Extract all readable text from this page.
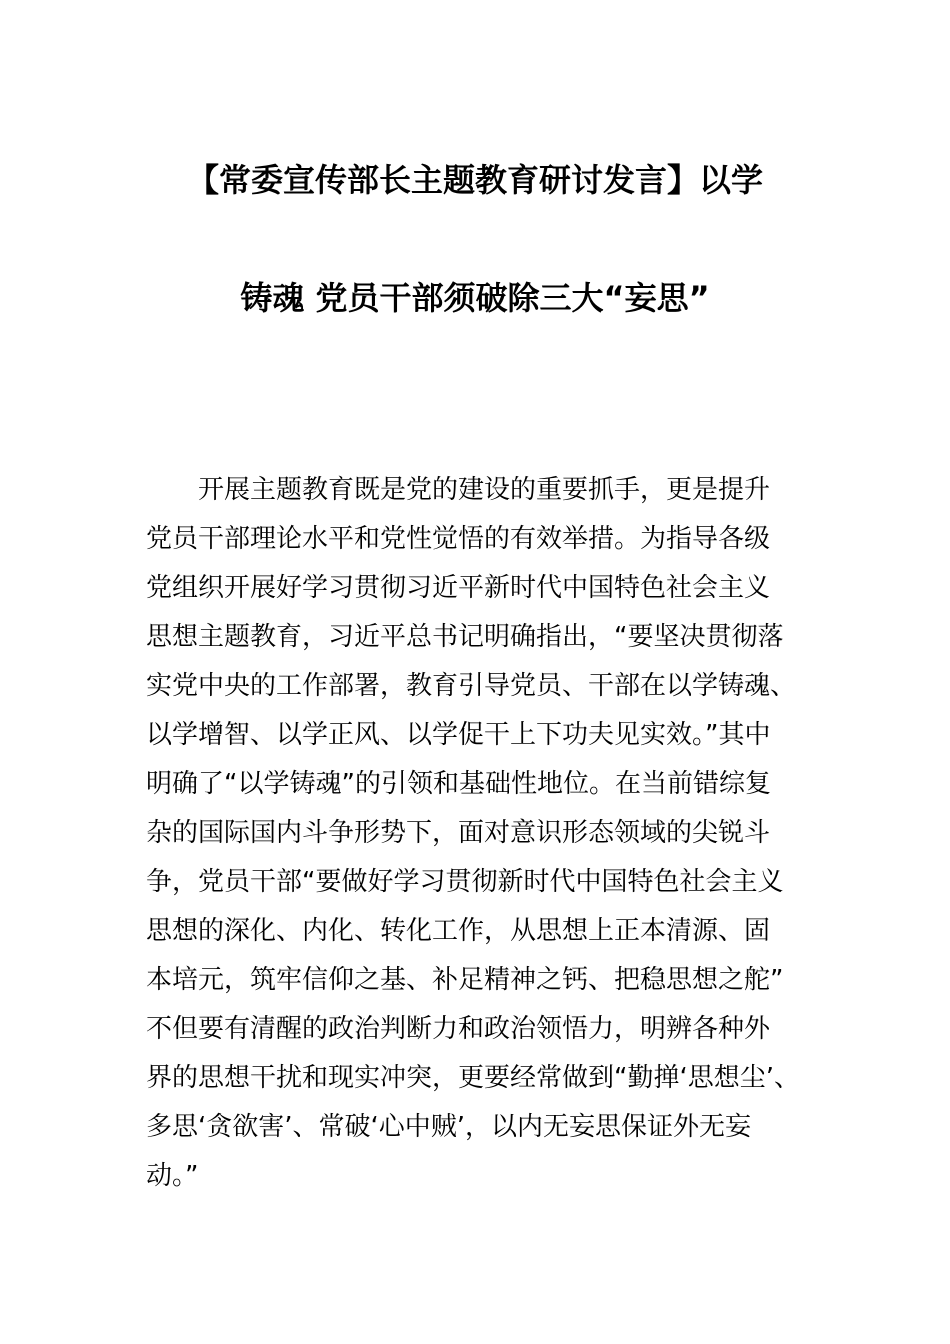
【常委宣传部长主题教育研讨发言】以学
铸魂 党员干部须破除三大“妄思”
开展主题教育既是党的建设的重要抓手，更是提升
党员干部理论水平和党性觉悟的有效举措。为指导各级
党组织开展好学习贯彻习近平新时代中国特色社会主义
思想主题教育，习近平总书记明确指出，“要坚决贯彻落
实党中央的工作部署，教育引导党员、干部在以学铸魂、
以学增智、以学正风、以学促干上下功夫见实效。”其中
明确了“以学铸魂”的引领和基础性地位。在当前错综复
杂的国际国内斗争形势下，面对意识形态领域的尖锐斗
争，党员干部“要做好学习贯彻新时代中国特色社会主义
思想的深化、内化、转化工作，从思想上正本清源、固
本培元，筑牢信仰之基、补足精神之钙、把稳思想之舵”
不但要有清醒的政治判断力和政治领悟力，明辨各种外
界的思想干扰和现实冲突，更要经常做到“勤掸‘思想尘’、
多思‘贪欲害’、常破‘心中贼’，以内无妄思保证外无妄
动。”
